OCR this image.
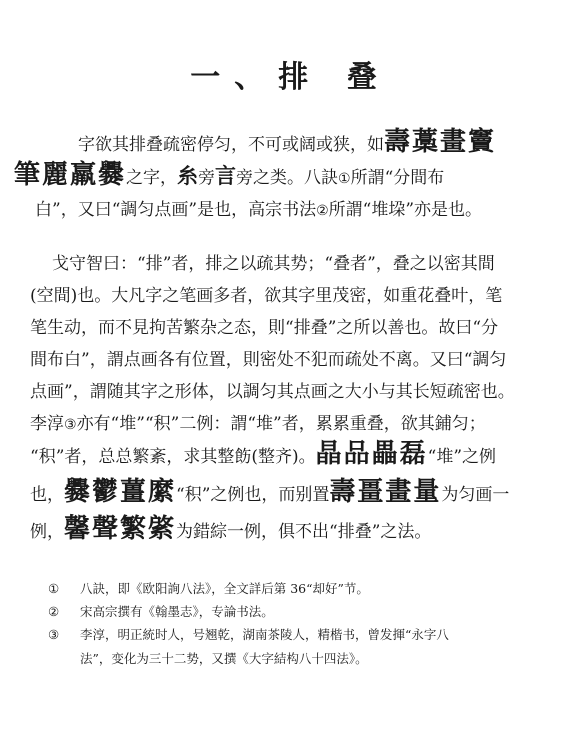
一、排 叠
字欲其排叠疏密停匀，不可或阔或狭，如壽藁畫竇
筆麗羸爨之字，糸旁言旁之类。八訣①所謂“分間布
白”，又曰“調匀点画”是也，高宗书法②所謂“堆垜”亦是也。
戈守智曰：“排”者，排之以疏其势；“叠者”，叠之以密其間
(空間)也。大凡字之笔画多者，欲其字里茂密，如重花叠叶，笔
笔生动，而不見拘苦繁杂之态，則“排叠”之所以善也。故曰“分
間布白”，謂点画各有位置，則密处不犯而疏处不离。又曰“調匀
点画”，謂随其字之形体，以調匀其点画之大小与其长短疏密也。
李淳③亦有“堆”“积”二例：謂“堆”者，累累重叠，欲其鋪匀；
“积”者，总总繁紊，求其整飭(整齐)。晶品畾磊“堆”之例
也，爨鬱薑縻“积”之例也，而别置壽畺畫量为匀画一
例，馨聲繁綮为錯綜一例，俱不出“排叠”之法。
① 八訣，即《欧阳詢八法》，全文詳后第 36“却好”节。
② 宋高宗撰有《翰墨志》，专論书法。
③ 李淳，明正統时人，号翘乾，湖南茶陵人，精楷书，曾发揮“永字八
法”，变化为三十二势，又撰《大字結构八十四法》。
